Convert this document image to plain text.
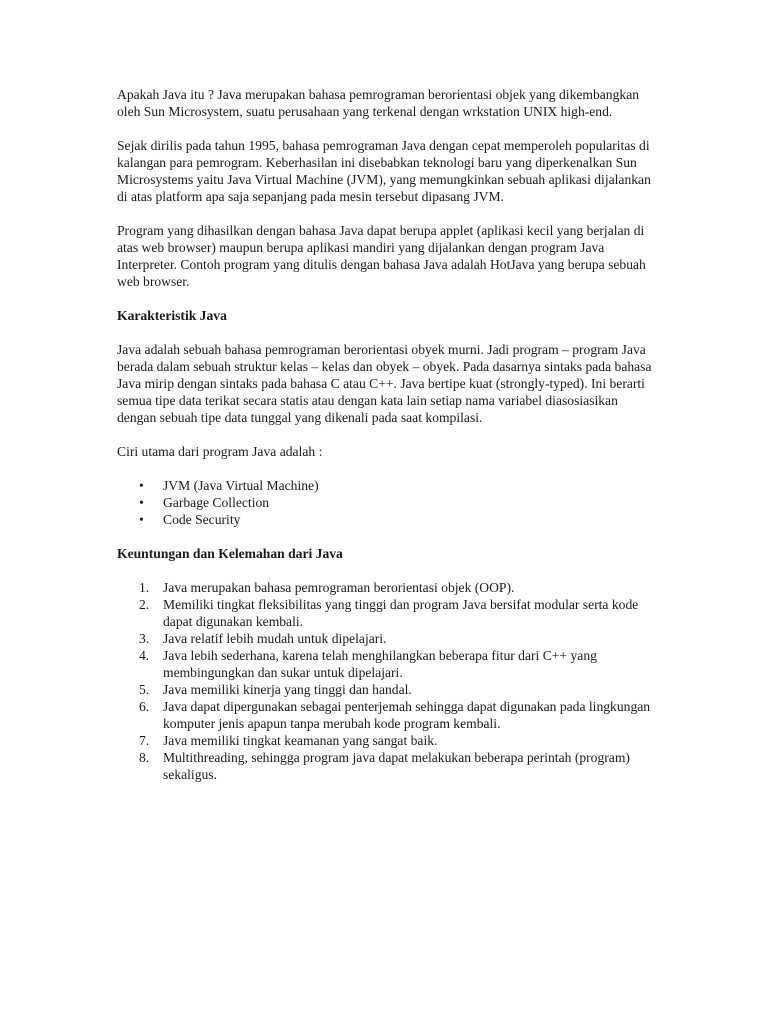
Apakah Java itu ? Java merupakan bahasa pemrograman berorientasi objek yang dikembangkan oleh Sun Microsystem, suatu perusahaan yang terkenal dengan wrkstation UNIX high-end.

Sejak dirilis pada tahun 1995, bahasa pemrograman Java dengan cepat memperoleh popularitas di kalangan para pemrogram. Keberhasilan ini disebabkan teknologi baru yang diperkenalkan Sun Microsystems yaitu Java Virtual Machine (JVM), yang memungkinkan sebuah aplikasi dijalankan di atas platform apa saja sepanjang pada mesin tersebut dipasang JVM.

Program yang dihasilkan dengan bahasa Java dapat berupa applet (aplikasi kecil yang berjalan di atas web browser) maupun berupa aplikasi mandiri yang dijalankan dengan program Java Interpreter. Contoh program yang ditulis dengan bahasa Java adalah HotJava yang berupa sebuah web browser.

Karakteristik Java

Java adalah sebuah bahasa pemrograman berorientasi obyek murni. Jadi program – program Java berada dalam sebuah struktur kelas – kelas dan obyek – obyek. Pada dasarnya sintaks pada bahasa Java mirip dengan sintaks pada bahasa C atau C++. Java bertipe kuat (strongly-typed). Ini berarti semua tipe data terikat secara statis atau dengan kata lain setiap nama variabel diasosiasikan dengan sebuah tipe data tunggal yang dikenali pada saat kompilasi.

Ciri utama dari program Java adalah :

• JVM (Java Virtual Machine)
• Garbage Collection
• Code Security
Keuntungan dan Kelemahan dari Java
1. Java merupakan bahasa pemrograman berorientasi objek (OOP).
2. Memiliki tingkat fleksibilitas yang tinggi dan program Java bersifat modular serta kode dapat digunakan kembali.
3. Java relatif lebih mudah untuk dipelajari.
4. Java lebih sederhana, karena telah menghilangkan beberapa fitur dari C++ yang membingungkan dan sukar untuk dipelajari.
5. Java memiliki kinerja yang tinggi dan handal.
6. Java dapat dipergunakan sebagai penterjemah sehingga dapat digunakan pada lingkungan komputer jenis apapun tanpa merubah kode program kembali.
7. Java memiliki tingkat keamanan yang sangat baik.
8. Multithreading, sehingga program java dapat melakukan beberapa perintah (program) sekaligus.
